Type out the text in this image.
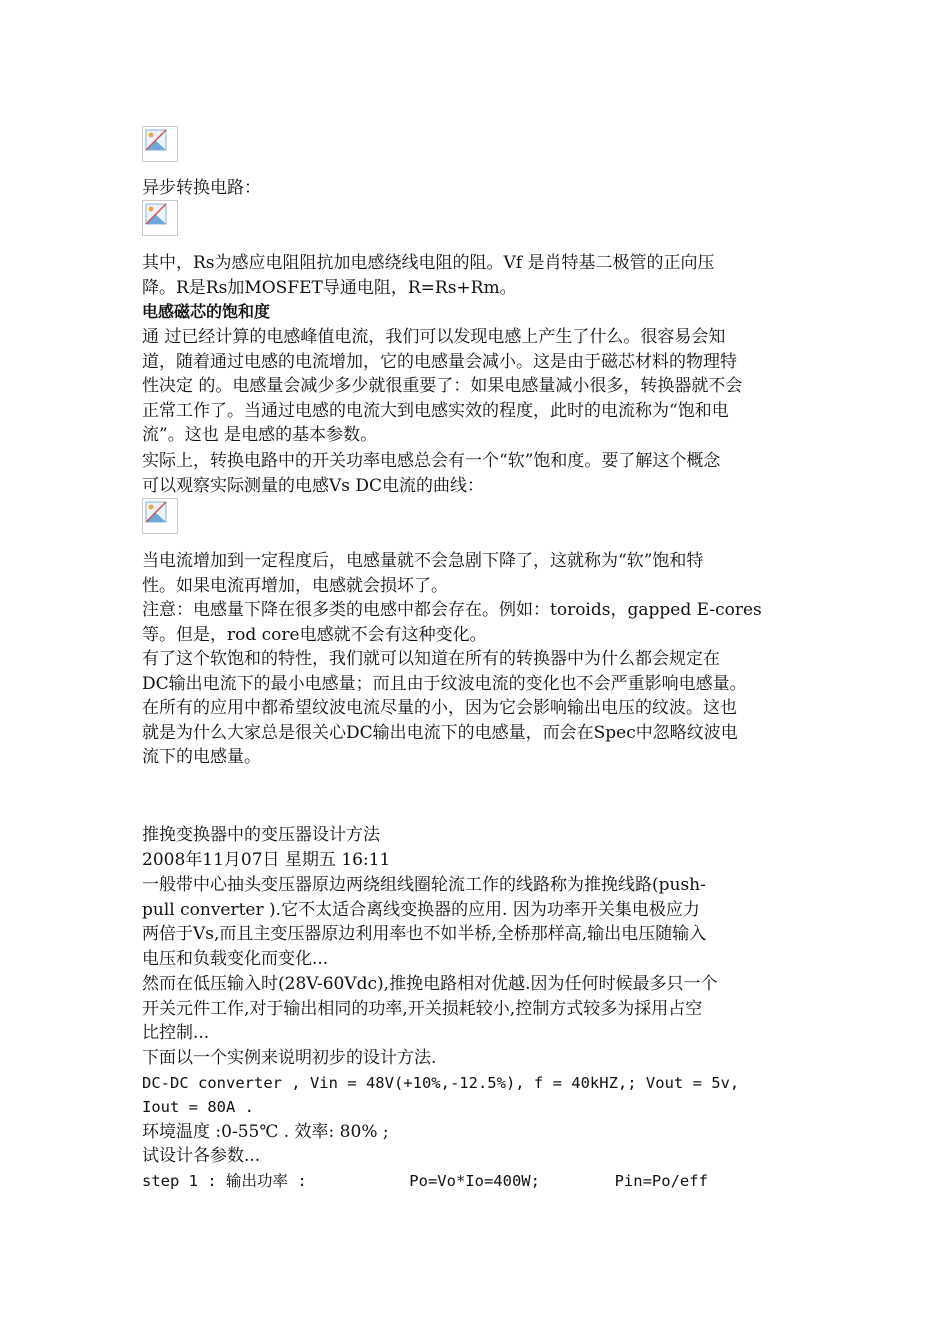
异步转换电路：
其中，Rs为感应电阻阻抗加电感绕线电阻的阻。Vf 是肖特基二极管的正向压
降。R是Rs加MOSFET导通电阻，R=Rs+Rm。
电感磁芯的饱和度
通 过已经计算的电感峰值电流，我们可以发现电感上产生了什么。很容易会知
道，随着通过电感的电流增加，它的电感量会减小。这是由于磁芯材料的物理特
性决定 的。电感量会减少多少就很重要了：如果电感量减小很多，转换器就不会
正常工作了。当通过电感的电流大到电感实效的程度，此时的电流称为“饱和电
流”。这也 是电感的基本参数。
实际上，转换电路中的开关功率电感总会有一个“软”饱和度。要了解这个概念
可以观察实际测量的电感Vs DC电流的曲线：
当电流增加到一定程度后，电感量就不会急剧下降了，这就称为“软”饱和特
性。如果电流再增加，电感就会损坏了。
注意：电感量下降在很多类的电感中都会存在。例如：toroids，gapped E-cores
等。但是，rod core电感就不会有这种变化。
有了这个软饱和的特性，我们就可以知道在所有的转换器中为什么都会规定在
DC输出电流下的最小电感量；而且由于纹波电流的变化也不会严重影响电感量。
在所有的应用中都希望纹波电流尽量的小，因为它会影响输出电压的纹波。这也
就是为什么大家总是很关心DC输出电流下的电感量，而会在Spec中忽略纹波电
流下的电感量。
推挽变换器中的变压器设计方法
2008年11月07日 星期五 16:11
一般带中心抽头变压器原边两绕组线圈轮流工作的线路称为推挽线路(push-
pull converter ).它不太适合离线变换器的应用. 因为功率开关集电极应力
两倍于Vs,而且主变压器原边利用率也不如半桥,全桥那样高,输出电压随输入
电压和负载变化而变化...
然而在低压输入时(28V-60Vdc),推挽电路相对优越.因为任何时候最多只一个
开关元件工作,对于输出相同的功率,开关损耗较小,控制方式较多为採用占空
比控制...
下面以一个实例来说明初步的设计方法.
DC-DC converter , Vin = 48V(+10%,-12.5%), f = 40kHZ,; Vout = 5v,
Iout = 80A .
环境温度 :0-55℃ . 效率: 80% ;
试设计各参数...
step 1 : 输出功率 :           Po=Vo*Io=400W;        Pin=Po/eff
